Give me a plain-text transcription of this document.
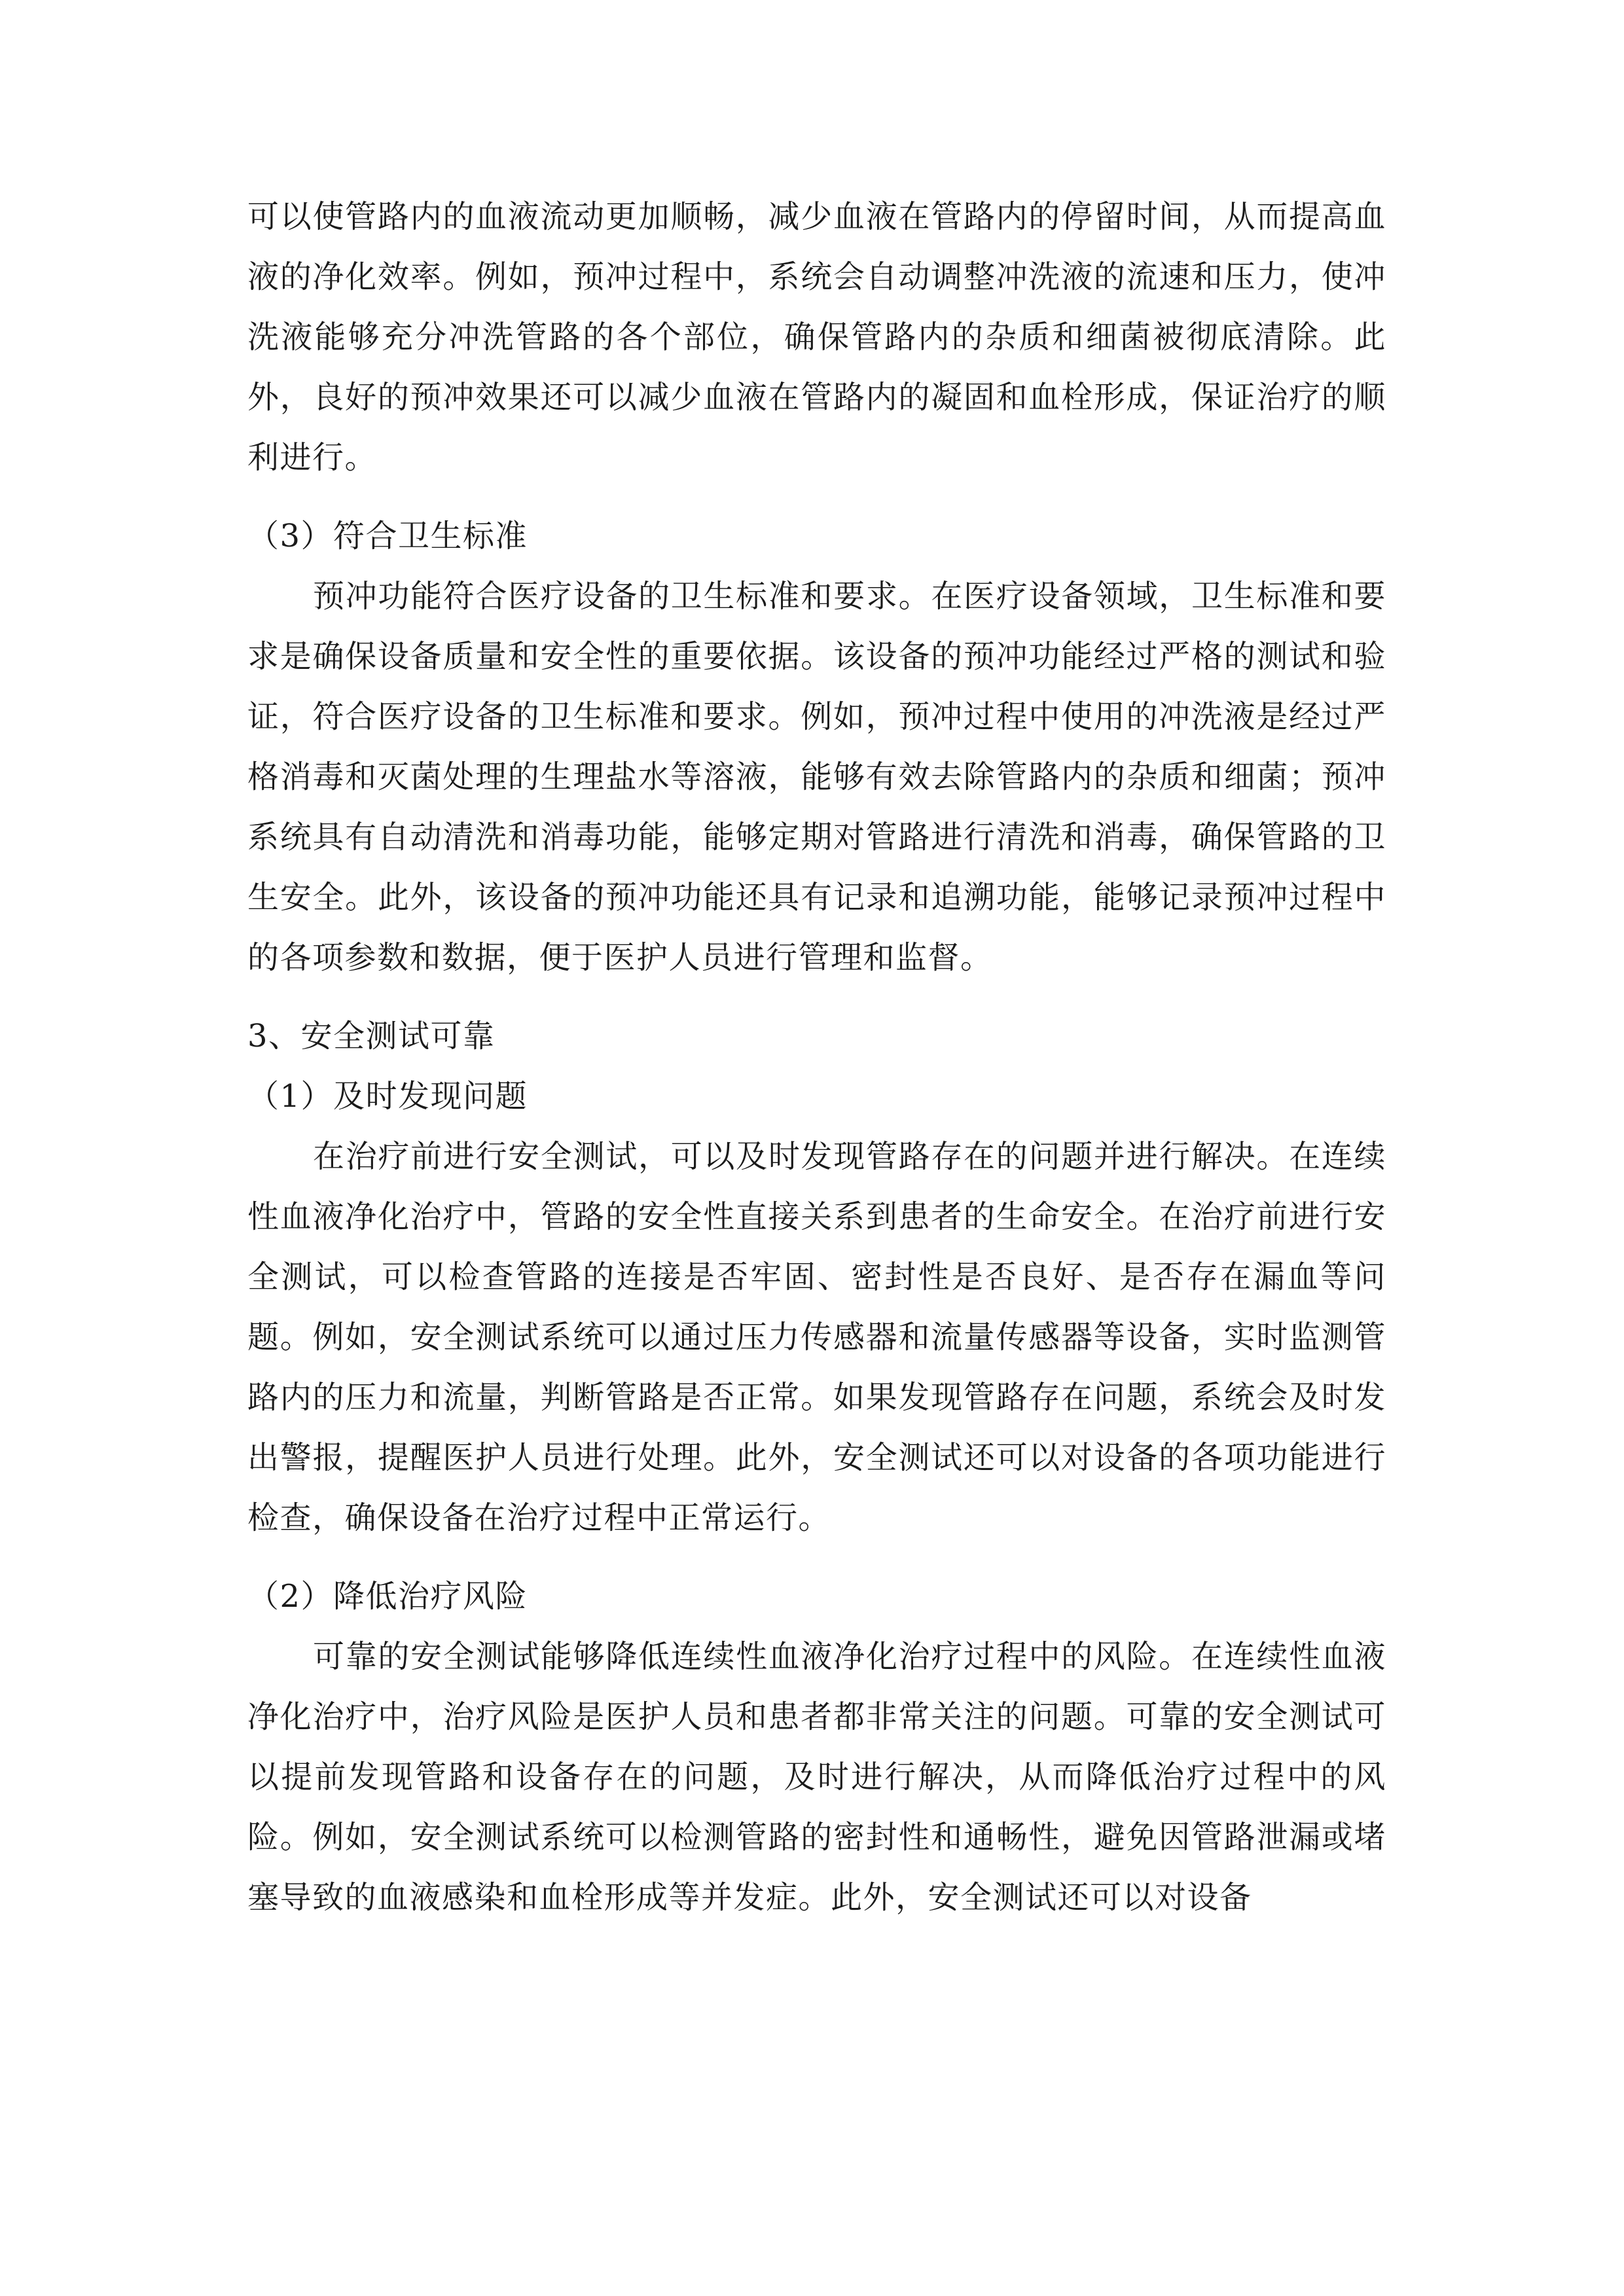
可以使管路内的血液流动更加顺畅，减少血液在管路内的停留时间，从而提高血液的净化效率。例如，预冲过程中，系统会自动调整冲洗液的流速和压力，使冲洗液能够充分冲洗管路的各个部位，确保管路内的杂质和细菌被彻底清除。此外，良好的预冲效果还可以减少血液在管路内的凝固和血栓形成，保证治疗的顺利进行。

（3）符合卫生标准

预冲功能符合医疗设备的卫生标准和要求。在医疗设备领域，卫生标准和要求是确保设备质量和安全性的重要依据。该设备的预冲功能经过严格的测试和验证，符合医疗设备的卫生标准和要求。例如，预冲过程中使用的冲洗液是经过严格消毒和灭菌处理的生理盐水等溶液，能够有效去除管路内的杂质和细菌；预冲系统具有自动清洗和消毒功能，能够定期对管路进行清洗和消毒，确保管路的卫生安全。此外，该设备的预冲功能还具有记录和追溯功能，能够记录预冲过程中的各项参数和数据，便于医护人员进行管理和监督。

3、安全测试可靠

（1）及时发现问题

在治疗前进行安全测试，可以及时发现管路存在的问题并进行解决。在连续性血液净化治疗中，管路的安全性直接关系到患者的生命安全。在治疗前进行安全测试，可以检查管路的连接是否牢固、密封性是否良好、是否存在漏血等问题。例如，安全测试系统可以通过压力传感器和流量传感器等设备，实时监测管路内的压力和流量，判断管路是否正常。如果发现管路存在问题，系统会及时发出警报，提醒医护人员进行处理。此外，安全测试还可以对设备的各项功能进行检查，确保设备在治疗过程中正常运行。

（2）降低治疗风险

可靠的安全测试能够降低连续性血液净化治疗过程中的风险。在连续性血液净化治疗中，治疗风险是医护人员和患者都非常关注的问题。可靠的安全测试可以提前发现管路和设备存在的问题，及时进行解决，从而降低治疗过程中的风险。例如，安全测试系统可以检测管路的密封性和通畅性，避免因管路泄漏或堵塞导致的血液感染和血栓形成等并发症。此外，安全测试还可以对设备
